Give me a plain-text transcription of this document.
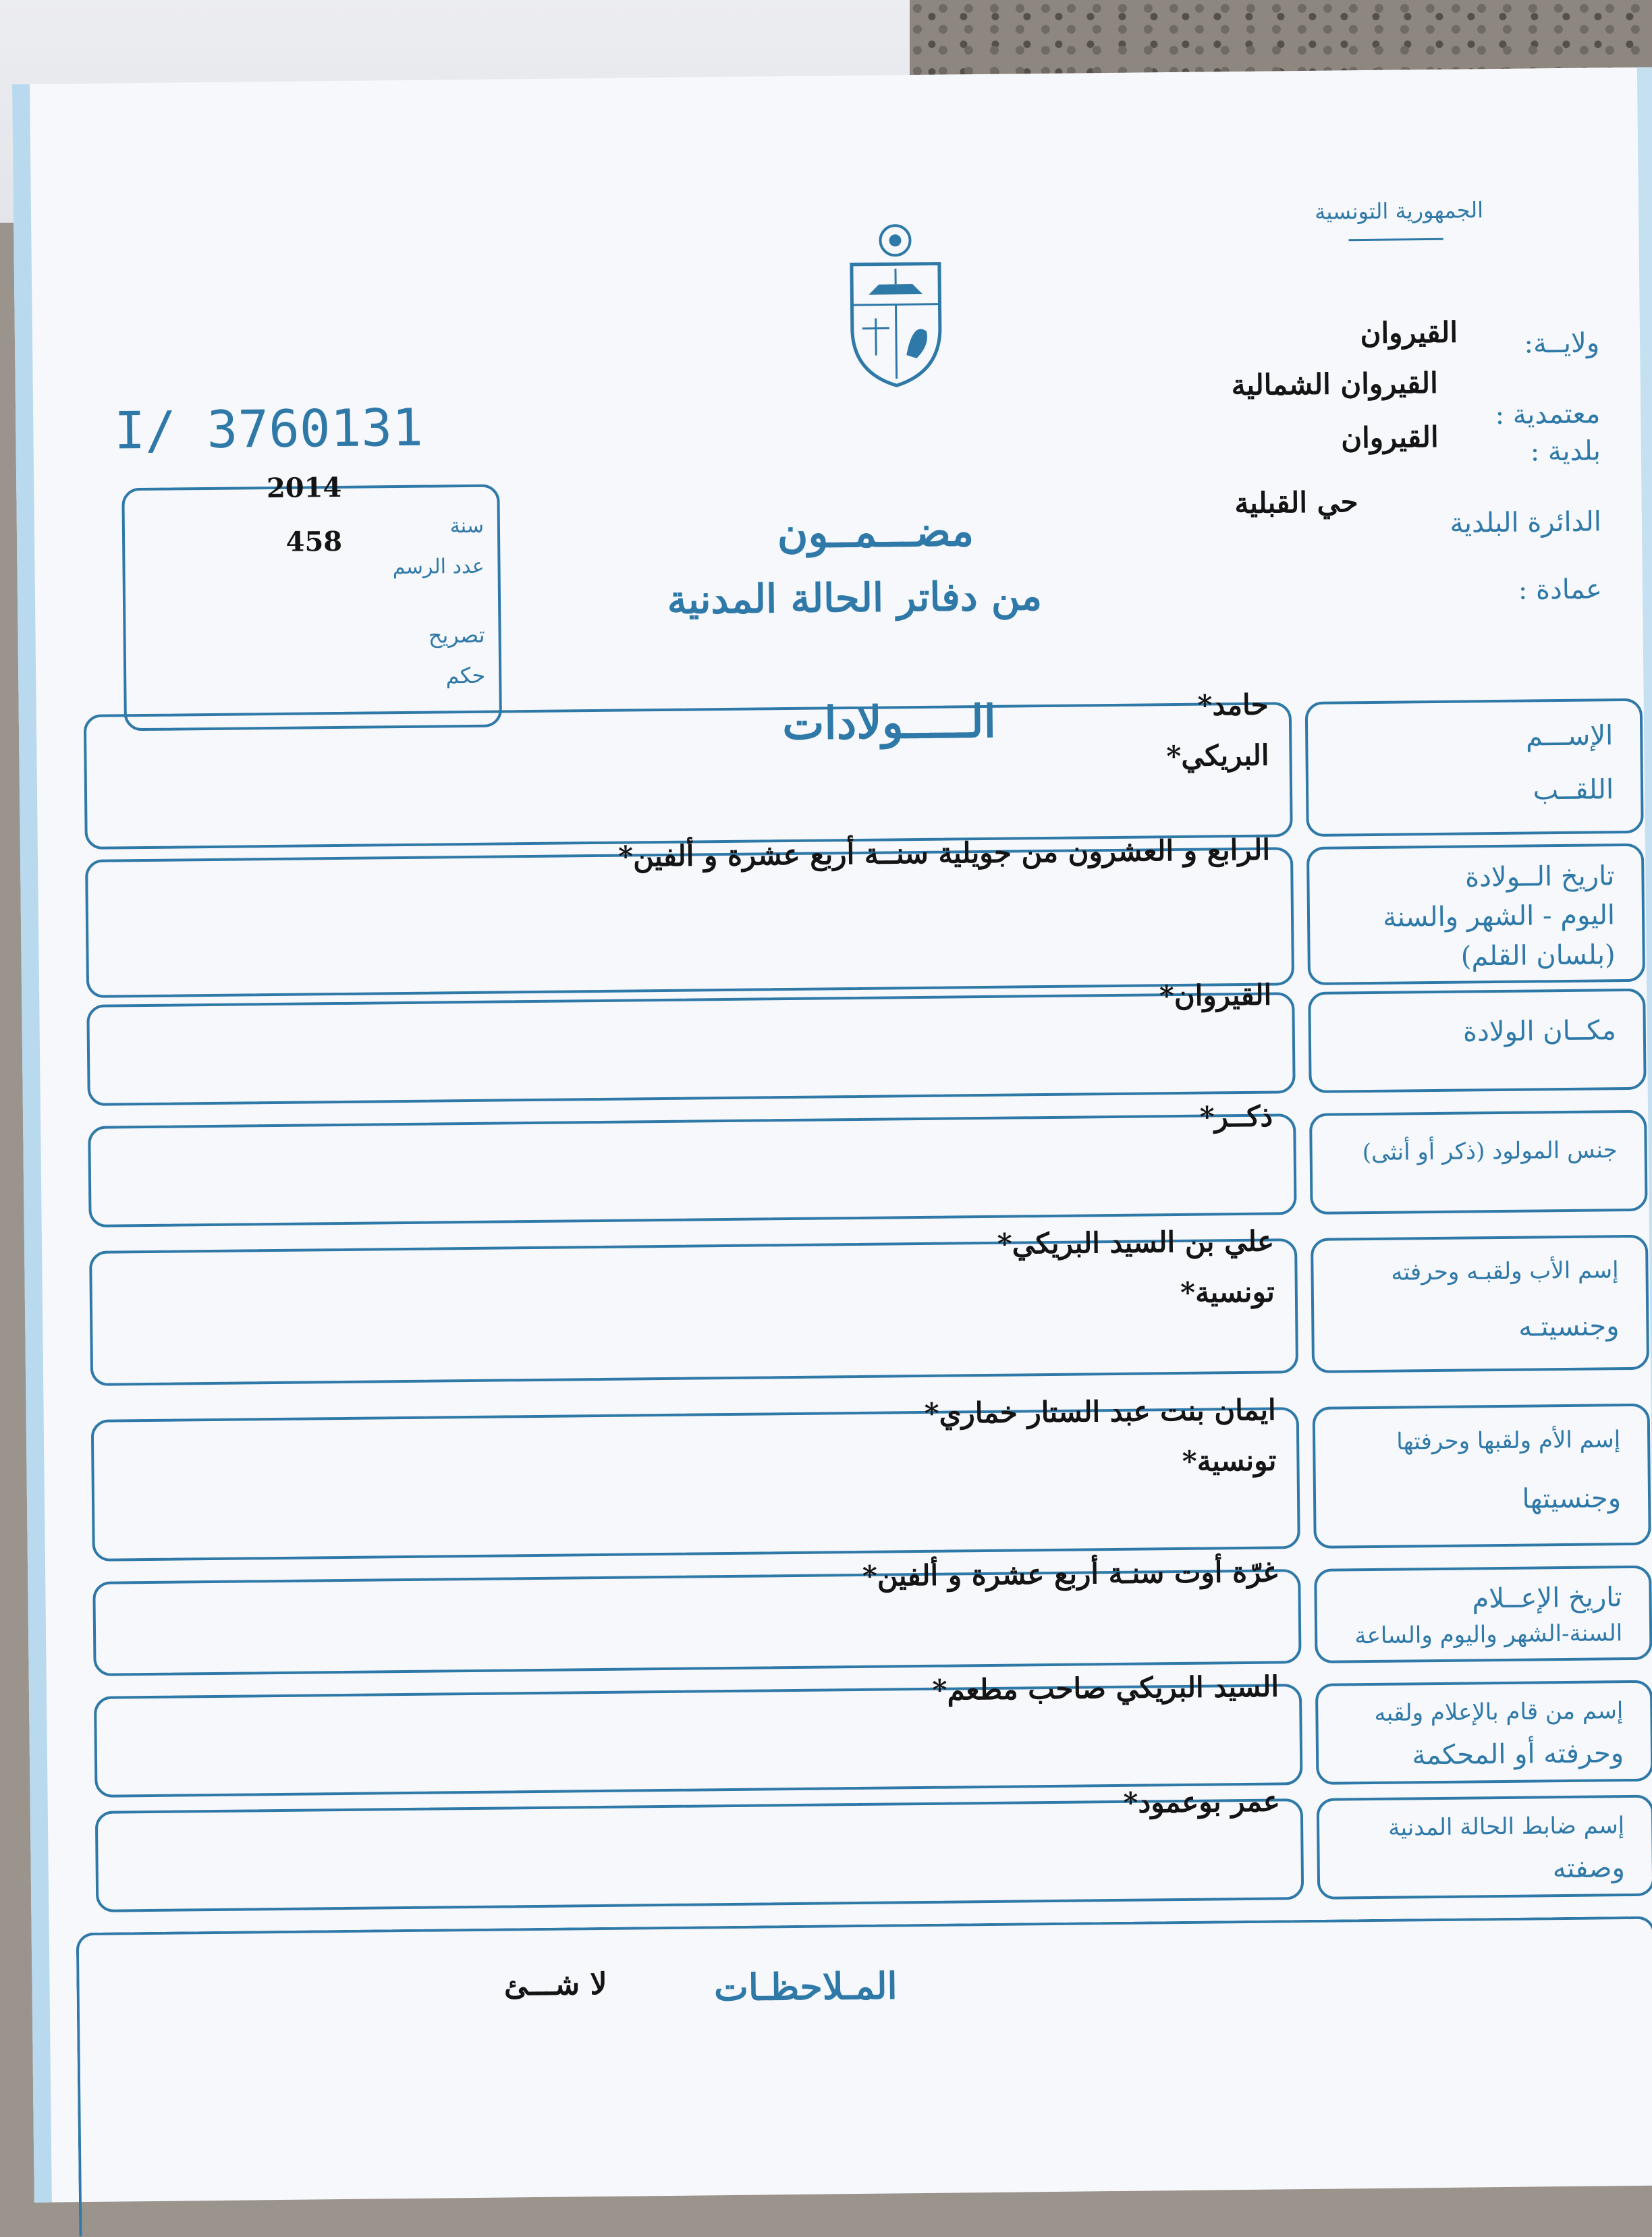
الجمهورية التونسية
ولايــة:
القيروان
معتمدية :
القيروان الشمالية
بلدية :
القيروان
الدائرة البلدية
حي القبلية
عمادة :
مضـــمــون
من دفاتر الحالة المدنية
الـــــولادات
I/ 3760131
سنة
2014
عدد الرسم
458
تصريح
حكم
حامد*
البريكي*
الإســـم
اللقــب
الرابع و العشرون من جويلية سنــة أربع عشرة و ألفين*
تاريخ الــولادة
اليوم - الشهر والسنة
(بلسان القلم)
القيروان*
مكــان الولادة
ذكــر*
جنس المولود (ذكر أو أنثى)
علي بن السيد البريكي*
تونسية*
إسم الأب ولقبـه وحرفته
وجنسيتـه
ايمان بنت عبد الستار خماري*
تونسية*
إسم الأم ولقبها وحرفتها
وجنسيتها
غرّة أوت سنـة أربع عشرة و ألفين*
تاريخ الإعــلام
السنة-الشهر واليوم والساعة
السيد البريكي صاحب مطعم*
إسم من قام بالإعلام ولقبه
وحرفته أو المحكمة
عمر بوعمود*
إسم ضابط الحالة المدنية
وصفته
المـلاحظـات
لا شـــئ
